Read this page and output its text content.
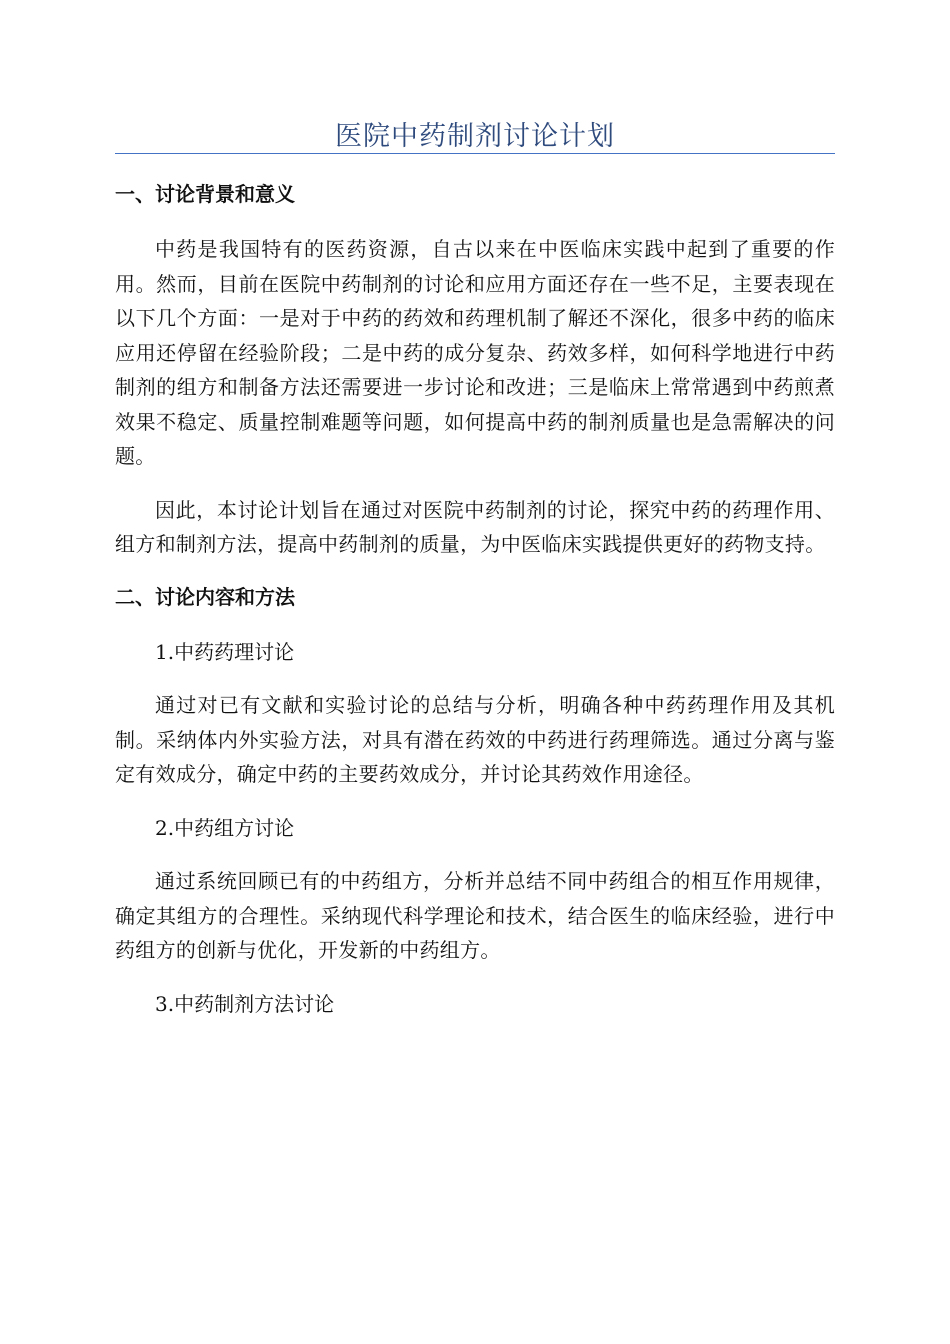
医院中药制剂讨论计划
一、讨论背景和意义

中药是我国特有的医药资源，自古以来在中医临床实践中起到了重要的作用。然而，目前在医院中药制剂的讨论和应用方面还存在一些不足，主要表现在以下几个方面：一是对于中药的药效和药理机制了解还不深化，很多中药的临床应用还停留在经验阶段；二是中药的成分复杂、药效多样，如何科学地进行中药制剂的组方和制备方法还需要进一步讨论和改进；三是临床上常常遇到中药煎煮效果不稳定、质量控制难题等问题，如何提高中药的制剂质量也是急需解决的问题。

因此，本讨论计划旨在通过对医院中药制剂的讨论，探究中药的药理作用、组方和制剂方法，提高中药制剂的质量，为中医临床实践提供更好的药物支持。

二、讨论内容和方法

1.中药药理讨论

通过对已有文献和实验讨论的总结与分析，明确各种中药药理作用及其机制。采纳体内外实验方法，对具有潜在药效的中药进行药理筛选。通过分离与鉴定有效成分，确定中药的主要药效成分，并讨论其药效作用途径。

2.中药组方讨论

通过系统回顾已有的中药组方，分析并总结不同中药组合的相互作用规律，确定其组方的合理性。采纳现代科学理论和技术，结合医生的临床经验，进行中药组方的创新与优化，开发新的中药组方。

3.中药制剂方法讨论
